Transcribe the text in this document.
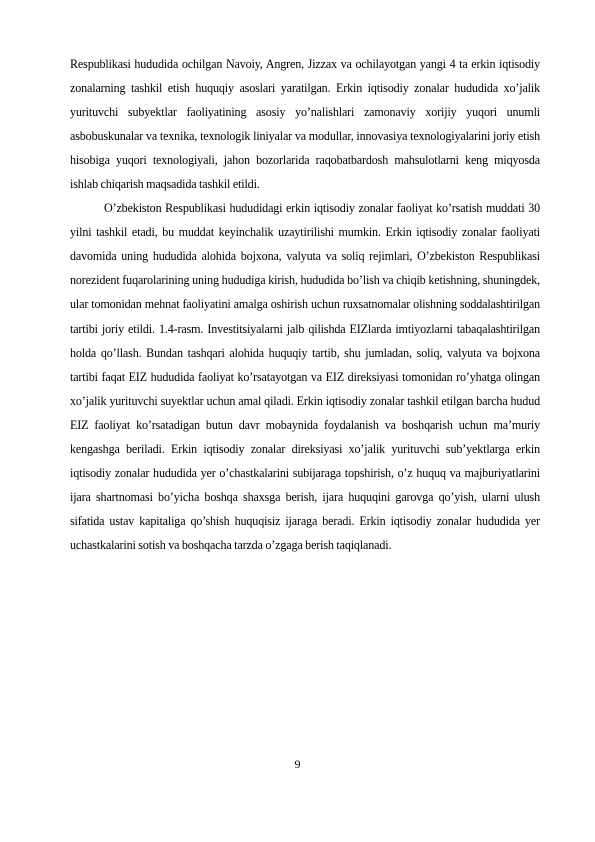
Respublikasi hududida ochilgan Navoiy, Angren, Jizzax va ochilayotgan yangi 4 ta erkin iqtisodiy zonalarning tashkil etish huquqiy asoslari yaratilgan. Erkin iqtisodiy zonalar hududida xo’jalik yurituvchi subyektlar faoliyatining asosiy yo’nalishlari zamonaviy xorijiy yuqori unumli asbobuskunalar va texnika, texnologik liniyalar va modullar, innovasiya texnologiyalarini joriy etish hisobiga yuqori texnologiyali, jahon bozorlarida raqobatbardosh mahsulotlarni keng miqyosda ishlab chiqarish maqsadida tashkil etildi.

O’zbekiston Respublikasi hududidagi erkin iqtisodiy zonalar faoliyat ko’rsatish muddati 30 yilni tashkil etadi, bu muddat keyinchalik uzaytirilishi mumkin. Erkin iqtisodiy zonalar faoliyati davomida uning hududida alohida bojxona, valyuta va soliq rejimlari, O’zbekiston Respublikasi norezident fuqarolarining uning hududiga kirish, hududida bo’lish va chiqib ketishning, shuningdek, ular tomonidan mehnat faoliyatini amalga oshirish uchun ruxsatnomalar olishning soddalashtirilgan tartibi joriy etildi. 1.4-rasm. Investitsiyalarni jalb qilishda EIZlarda imtiyozlarni tabaqalashtirilgan holda qo’llash. Bundan tashqari alohida huquqiy tartib, shu jumladan, soliq, valyuta va bojxona tartibi faqat EIZ hududida faoliyat ko’rsatayotgan va EIZ direksiyasi tomonidan ro’yhatga olingan xo’jalik yurituvchi suyektlar uchun amal qiladi. Erkin iqtisodiy zonalar tashkil etilgan barcha hudud EIZ faoliyat ko’rsatadigan butun davr mobaynida foydalanish va boshqarish uchun ma’muriy kengashga beriladi. Erkin iqtisodiy zonalar direksiyasi xo’jalik yurituvchi sub’yektlarga erkin iqtisodiy zonalar hududida yer o’chastkalarini subijaraga topshirish, o’z huquq va majburiyatlarini ijara shartnomasi bo’yicha boshqa shaxsga berish, ijara huquqini garovga qo’yish, ularni ulush sifatida ustav kapitaliga qo’shish huquqisiz ijaraga beradi. Erkin iqtisodiy zonalar hududida yer uchastkalarini sotish va boshqacha tarzda o’zgaga berish taqiqlanadi.

9
